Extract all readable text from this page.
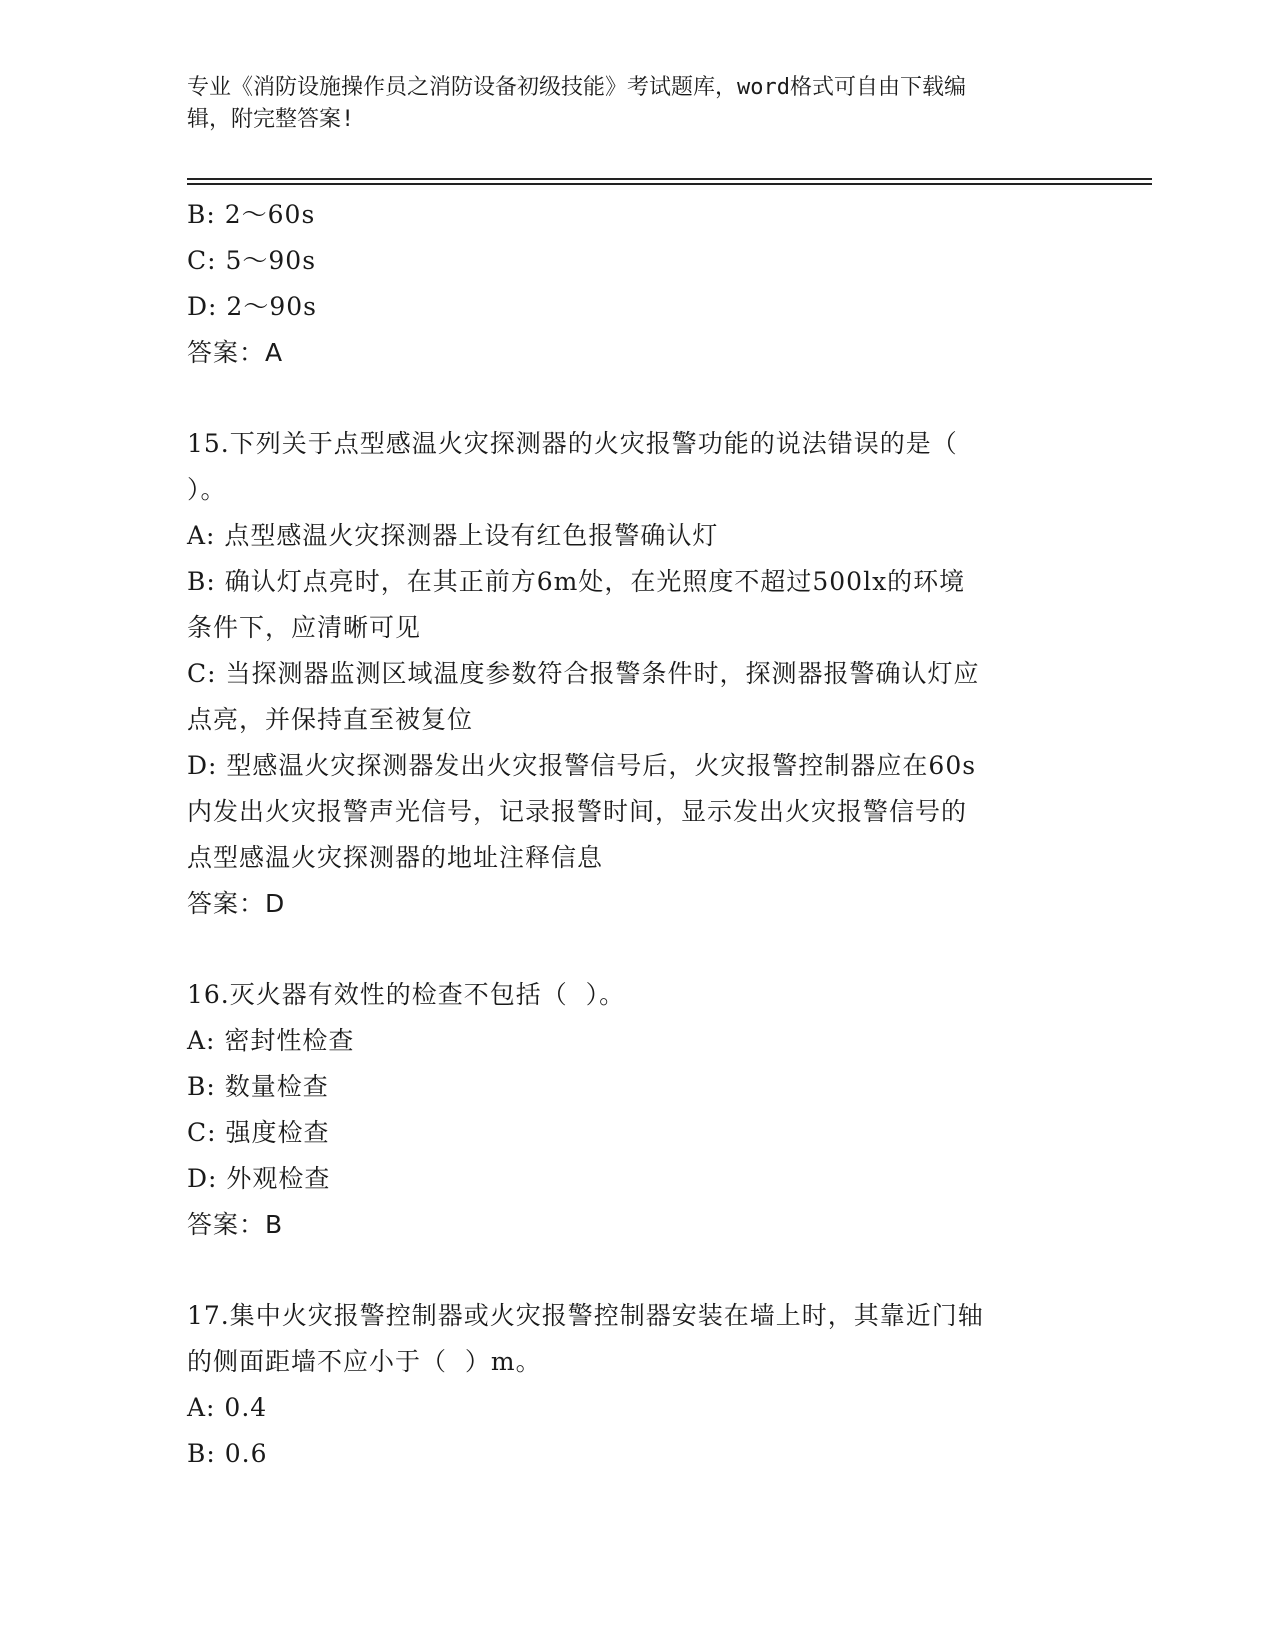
专业《消防设施操作员之消防设备初级技能》考试题库，word格式可自由下载编
辑，附完整答案!
B: 2～60s
C: 5～90s
D: 2～90s
答案：A
15.下列关于点型感温火灾探测器的火灾报警功能的说法错误的是（
）。
A: 点型感温火灾探测器上设有红色报警确认灯
B: 确认灯点亮时，在其正前方6m处，在光照度不超过500lx的环境
条件下，应清晰可见
C: 当探测器监测区域温度参数符合报警条件时，探测器报警确认灯应
点亮，并保持直至被复位
D: 型感温火灾探测器发出火灾报警信号后，火灾报警控制器应在60s
内发出火灾报警声光信号，记录报警时间，显示发出火灾报警信号的
点型感温火灾探测器的地址注释信息
答案：D
16.灭火器有效性的检查不包括（  ）。
A: 密封性检查
B: 数量检查
C: 强度检查
D: 外观检查
答案：B
17.集中火灾报警控制器或火灾报警控制器安装在墙上时，其靠近门轴
的侧面距墙不应小于（  ）m。
A: 0.4
B: 0.6
